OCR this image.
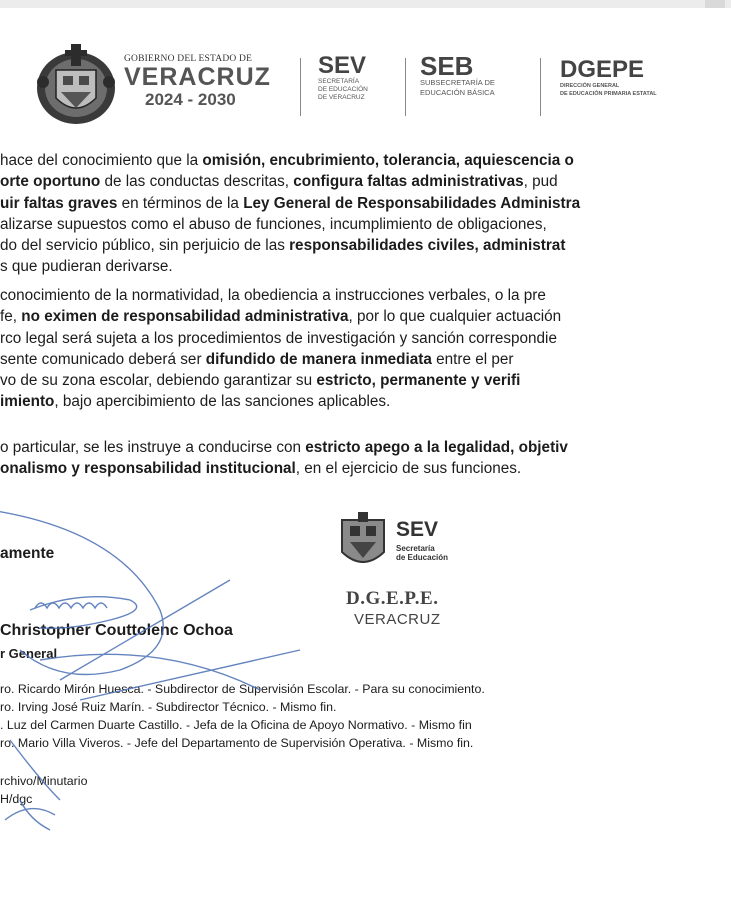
GOBIERNO DEL ESTADO DE
VERACRUZ
2024 - 2030
SEV
SECRETARÍA
DE EDUCACIÓN
DE VERACRUZ
SEB
SUBSECRETARÍA DE
EDUCACIÓN BÁSICA
DGEPE
DIRECCIÓN GENERAL
DE EDUCACIÓN PRIMARIA ESTATAL
hace del conocimiento que la omisión, encubrimiento, tolerancia, aquiescencia o
orte oportuno de las conductas descritas, configura faltas administrativas, pud
uir faltas graves en términos de la Ley General de Responsabilidades Administra
alizarse supuestos como el abuso de funciones, incumplimiento de obligaciones,
do del servicio público, sin perjuicio de las responsabilidades civiles, administrat
s que pudieran derivarse.
conocimiento de la normatividad, la obediencia a instrucciones verbales, o la pre
fe, no eximen de responsabilidad administrativa, por lo que cualquier actuación
rco legal será sujeta a los procedimientos de investigación y sanción correspondie
sente comunicado deberá ser difundido de manera inmediata entre el per
vo de su zona escolar, debiendo garantizar su estricto, permanente y verifi
imiento, bajo apercibimiento de las sanciones aplicables.
o particular, se les instruye a conducirse con estricto apego a la legalidad, objetiv
onalismo y responsabilidad institucional, en el ejercicio de sus funciones.
amente
Christopher Couttolenc Ochoa
r General
SEV
Secretaría
de Educación
D.G.E.P.E.
VERACRUZ
ro. Ricardo Mirón Huesca. - Subdirector de Supervisión Escolar. - Para su conocimiento.
ro. Irving José Ruiz Marín. - Subdirector Técnico. - Mismo fin.
. Luz del Carmen Duarte Castillo. - Jefa de la Oficina de Apoyo Normativo. - Mismo fin
ro. Mario Villa Viveros. - Jefe del Departamento de Supervisión Operativa. - Mismo fin.
rchivo/Minutario
H/dgc
